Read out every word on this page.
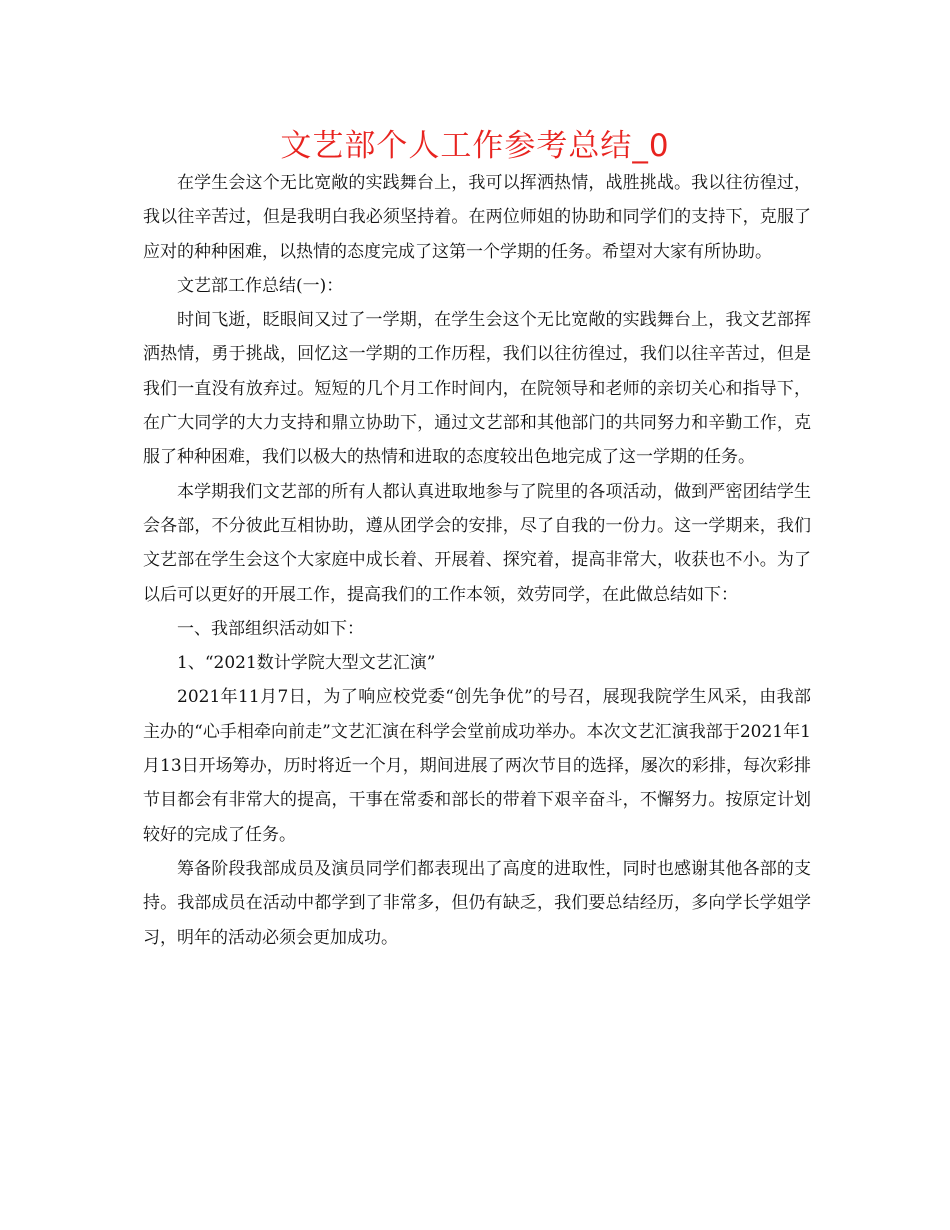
文艺部个人工作参考总结_0

在学生会这个无比宽敞的实践舞台上，我可以挥洒热情，战胜挑战。我以往彷徨过，我以往辛苦过，但是我明白我必须坚持着。在两位师姐的协助和同学们的支持下，克服了应对的种种困难，以热情的态度完成了这第一个学期的任务。希望对大家有所协助。

文艺部工作总结(一)：

时间飞逝，眨眼间又过了一学期，在学生会这个无比宽敞的实践舞台上，我文艺部挥洒热情，勇于挑战，回忆这一学期的工作历程，我们以往彷徨过，我们以往辛苦过，但是我们一直没有放弃过。短短的几个月工作时间内，在院领导和老师的亲切关心和指导下，在广大同学的大力支持和鼎立协助下，通过文艺部和其他部门的共同努力和辛勤工作，克服了种种困难，我们以极大的热情和进取的态度较出色地完成了这一学期的任务。

本学期我们文艺部的所有人都认真进取地参与了院里的各项活动，做到严密团结学生会各部，不分彼此互相协助，遵从团学会的安排，尽了自我的一份力。这一学期来，我们文艺部在学生会这个大家庭中成长着、开展着、探究着，提高非常大，收获也不小。为了以后可以更好的开展工作，提高我们的工作本领，效劳同学，在此做总结如下：

一、我部组织活动如下：

1、“2021数计学院大型文艺汇演”

2021年11月7日，为了响应校党委“创先争优”的号召，展现我院学生风采，由我部主办的“心手相牵向前走”文艺汇演在科学会堂前成功举办。本次文艺汇演我部于2021年1月13日开场筹办，历时将近一个月，期间进展了两次节目的选择，屡次的彩排，每次彩排节目都会有非常大的提高，干事在常委和部长的带着下艰辛奋斗，不懈努力。按原定计划较好的完成了任务。

筹备阶段我部成员及演员同学们都表现出了高度的进取性，同时也感谢其他各部的支持。我部成员在活动中都学到了非常多，但仍有缺乏，我们要总结经历，多向学长学姐学习，明年的活动必须会更加成功。
